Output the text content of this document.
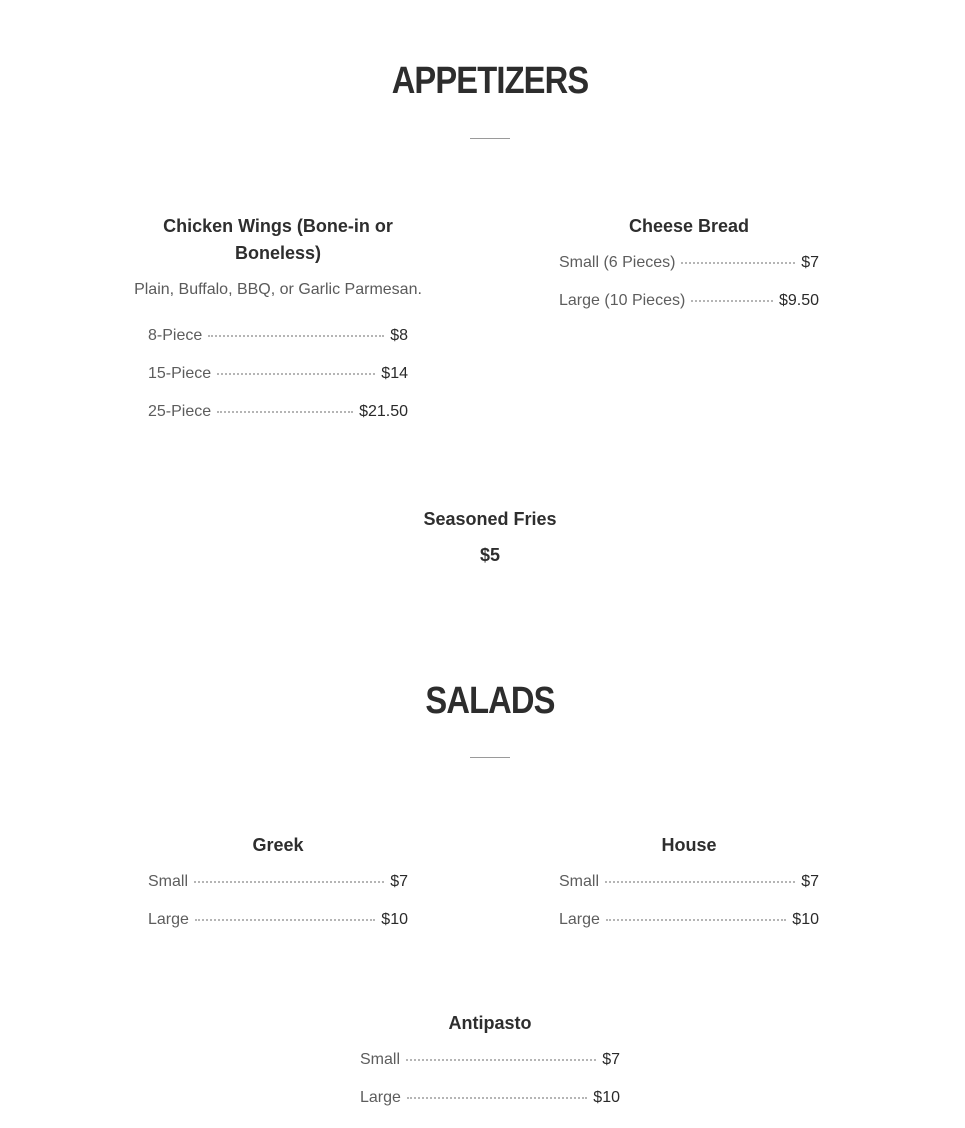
APPETIZERS

Chicken Wings (Bone-in or Boneless)

Plain, Buffalo, BBQ, or Garlic Parmesan.

8-Piece	$8
15-Piece	$14
25-Piece	$21.50

Cheese Bread

Small (6 Pieces)	$7
Large (10 Pieces)	$9.50

Seasoned Fries

$5

SALADS

Greek

Small	$7
Large	$10

House

Small	$7
Large	$10

Antipasto

Small	$7
Large	$10
